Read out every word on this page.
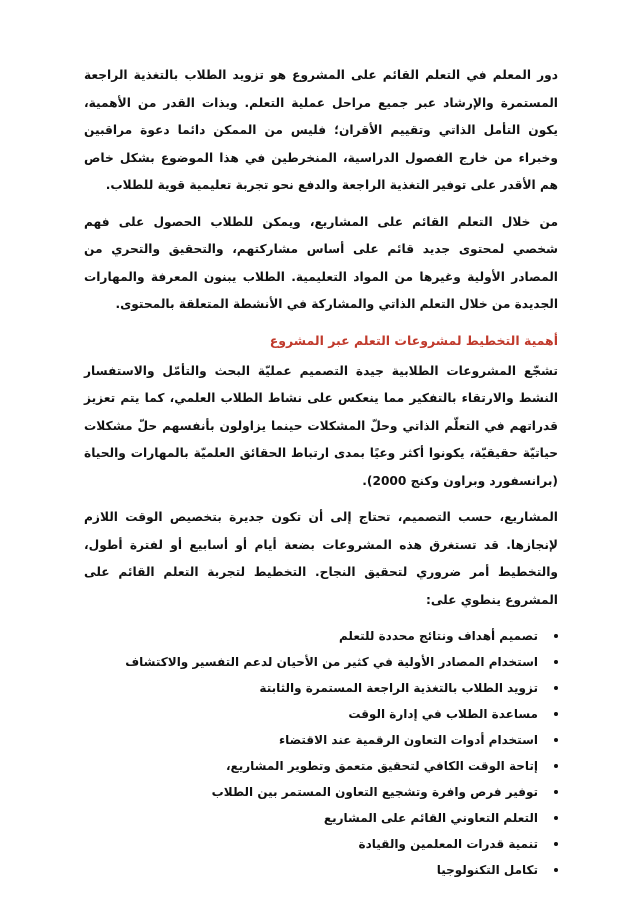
دور المعلم في التعلم القائم على المشروع هو تزويد الطلاب بالتغذية الراجعة المستمرة والإرشاد عبر جميع مراحل عملية التعلم. وبذات القدر من الأهمية، يكون التأمل الذاتي وتقييم الأقران؛ فليس من الممكن دائما دعوة مراقبين وخبراء من خارج الفصول الدراسية، المنخرطين في هذا الموضوع بشكل خاص هم الأقدر على توفير التغذية الراجعة والدفع نحو تجربة تعليمية قوية للطلاب.

من خلال التعلم القائم على المشاريع، ويمكن للطلاب الحصول على فهم شخصي لمحتوى جديد قائم على أساس مشاركتهم، والتحقيق والتحري من المصادر الأولية وغيرها من المواد التعليمية. الطلاب يبنون المعرفة والمهارات الجديدة من خلال التعلم الذاتي والمشاركة في الأنشطة المتعلقة بالمحتوى.

أهمية التخطيط لمشروعات التعلم عبر المشروع

تشجّع المشروعات الطلابية جيدة التصميم عمليّة البحث والتأمّل والاستفسار النشط والارتقاء بالتفكير مما ينعكس على نشاط الطلاب العلمي، كما يتم تعزيز قدراتهم في التعلّم الذاتي وحلّ المشكلات حينما يزاولون بأنفسهم حلّ مشكلات حياتيّة حقيقيّة، يكونوا أكثر وعيًا بمدى ارتباط الحقائق العلميّة بالمهارات والحياة (برانسفورد وبراون وكنج 2000).

المشاريع، حسب التصميم، تحتاج إلى أن تكون جديرة بتخصيص الوقت اللازم لإنجازها. قد تستغرق هذه المشروعات بضعة أيام أو أسابيع أو لفترة أطول، والتخطيط أمر ضروري لتحقيق النجاح. التخطيط لتجربة التعلم القائم على المشروع ينطوي على:

تصميم أهداف ونتائج محددة للتعلم
استخدام المصادر الأولية في كثير من الأحيان لدعم التفسير والاكتشاف
تزويد الطلاب بالتغذية الراجعة المستمرة والثابتة
مساعدة الطلاب في إدارة الوقت
استخدام أدوات التعاون الرقمية عند الاقتضاء
إتاحة الوقت الكافي لتحقيق متعمق وتطوير المشاريع،
توفير فرص وافرة وتشجيع التعاون المستمر بين الطلاب
التعلم التعاوني القائم على المشاريع
تنمية قدرات المعلمين والقيادة
تكامل التكنولوجيا
